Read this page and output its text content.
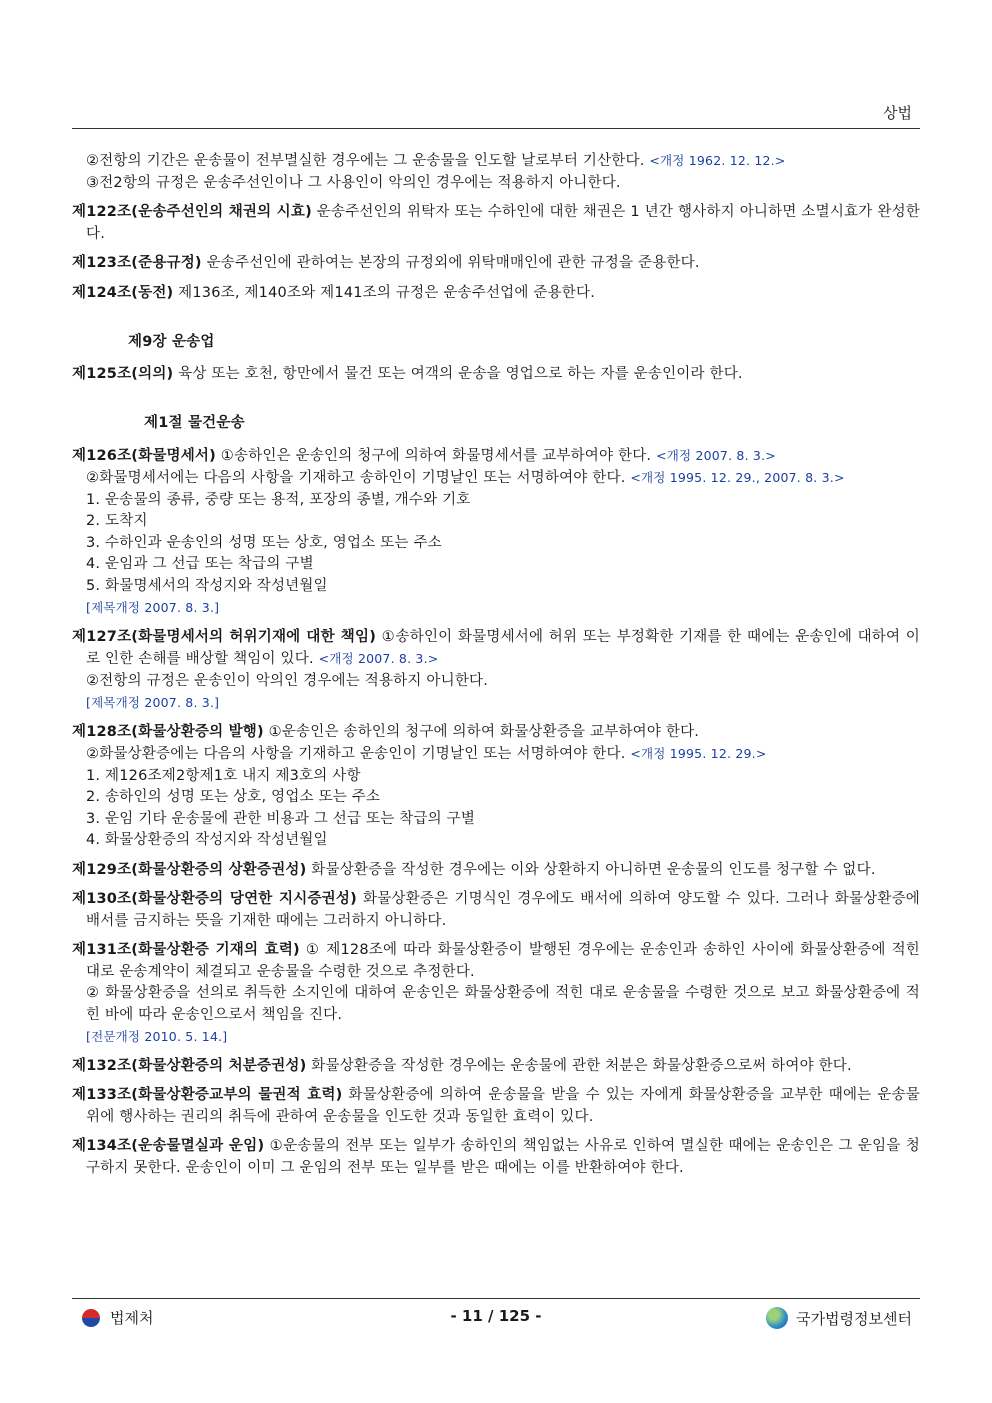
상법

②전항의 기간은 운송물이 전부멸실한 경우에는 그 운송물을 인도할 날로부터 기산한다. <개정 1962. 12. 12.>

③전2항의 규정은 운송주선인이나 그 사용인이 악의인 경우에는 적용하지 아니한다.

제122조(운송주선인의 채권의 시효) 운송주선인의 위탁자 또는 수하인에 대한 채권은 1 년간 행사하지 아니하면 소멸시효가 완성한다.

제123조(준용규정) 운송주선인에 관하여는 본장의 규정외에 위탁매매인에 관한 규정을 준용한다.

제124조(동전) 제136조, 제140조와 제141조의 규정은 운송주선업에 준용한다.

제9장 운송업

제125조(의의) 육상 또는 호천, 항만에서 물건 또는 여객의 운송을 영업으로 하는 자를 운송인이라 한다.

제1절 물건운송

제126조(화물명세서) ①송하인은 운송인의 청구에 의하여 화물명세서를 교부하여야 한다. <개정 2007. 8. 3.>

②화물명세서에는 다음의 사항을 기재하고 송하인이 기명날인 또는 서명하여야 한다. <개정 1995. 12. 29., 2007. 8. 3.>

1. 운송물의 종류, 중량 또는 용적, 포장의 종별, 개수와 기호

2. 도착지

3. 수하인과 운송인의 성명 또는 상호, 영업소 또는 주소

4. 운임과 그 선급 또는 착급의 구별

5. 화물명세서의 작성지와 작성년월일

[제목개정 2007. 8. 3.]

제127조(화물명세서의 허위기재에 대한 책임) ①송하인이 화물명세서에 허위 또는 부정확한 기재를 한 때에는 운송인에 대하여 이로 인한 손해를 배상할 책임이 있다. <개정 2007. 8. 3.>

②전항의 규정은 운송인이 악의인 경우에는 적용하지 아니한다.

[제목개정 2007. 8. 3.]

제128조(화물상환증의 발행) ①운송인은 송하인의 청구에 의하여 화물상환증을 교부하여야 한다.

②화물상환증에는 다음의 사항을 기재하고 운송인이 기명날인 또는 서명하여야 한다. <개정 1995. 12. 29.>

1. 제126조제2항제1호 내지 제3호의 사항

2. 송하인의 성명 또는 상호, 영업소 또는 주소

3. 운임 기타 운송물에 관한 비용과 그 선급 또는 착급의 구별

4. 화물상환증의 작성지와 작성년월일

제129조(화물상환증의 상환증권성) 화물상환증을 작성한 경우에는 이와 상환하지 아니하면 운송물의 인도를 청구할 수 없다.

제130조(화물상환증의 당연한 지시증권성) 화물상환증은 기명식인 경우에도 배서에 의하여 양도할 수 있다. 그러나 화물상환증에 배서를 금지하는 뜻을 기재한 때에는 그러하지 아니하다.

제131조(화물상환증 기재의 효력) ① 제128조에 따라 화물상환증이 발행된 경우에는 운송인과 송하인 사이에 화물상환증에 적힌 대로 운송계약이 체결되고 운송물을 수령한 것으로 추정한다.

② 화물상환증을 선의로 취득한 소지인에 대하여 운송인은 화물상환증에 적힌 대로 운송물을 수령한 것으로 보고 화물상환증에 적힌 바에 따라 운송인으로서 책임을 진다.

[전문개정 2010. 5. 14.]

제132조(화물상환증의 처분증권성) 화물상환증을 작성한 경우에는 운송물에 관한 처분은 화물상환증으로써 하여야 한다.

제133조(화물상환증교부의 물권적 효력) 화물상환증에 의하여 운송물을 받을 수 있는 자에게 화물상환증을 교부한 때에는 운송물 위에 행사하는 권리의 취득에 관하여 운송물을 인도한 것과 동일한 효력이 있다.

제134조(운송물멸실과 운임) ①운송물의 전부 또는 일부가 송하인의 책임없는 사유로 인하여 멸실한 때에는 운송인은 그 운임을 청구하지 못한다. 운송인이 이미 그 운임의 전부 또는 일부를 받은 때에는 이를 반환하여야 한다.

법제처	- 11 / 125 -	국가법령정보센터
